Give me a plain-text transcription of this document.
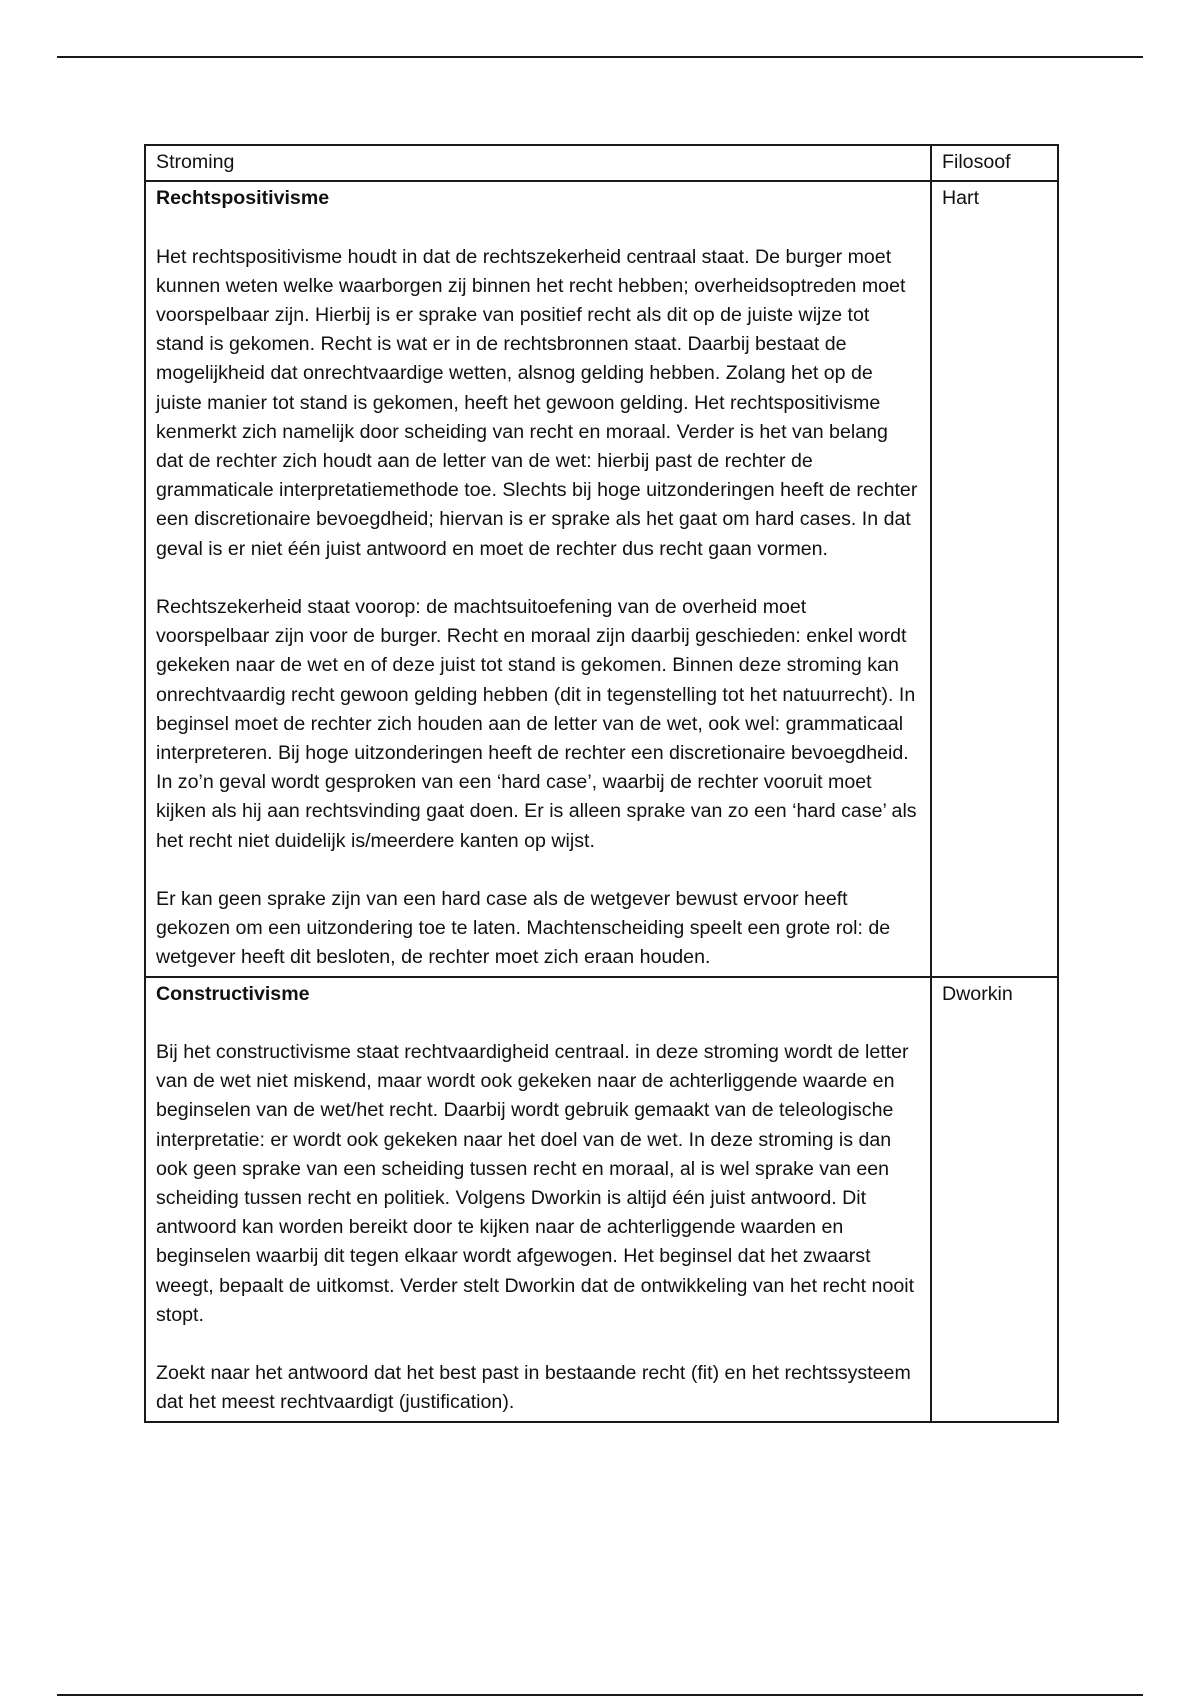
Stroming	Filosoof

Rechtspositivisme
Het rechtspositivisme houdt in dat de rechtszekerheid centraal staat. De burger moet kunnen weten welke waarborgen zij binnen het recht hebben; overheidsoptreden moet voorspelbaar zijn. Hierbij is er sprake van positief recht als dit op de juiste wijze tot stand is gekomen. Recht is wat er in de rechtsbronnen staat. Daarbij bestaat de mogelijkheid dat onrechtvaardige wetten, alsnog gelding hebben. Zolang het op de juiste manier tot stand is gekomen, heeft het gewoon gelding. Het rechtspositivisme kenmerkt zich namelijk door scheiding van recht en moraal. Verder is het van belang dat de rechter zich houdt aan de letter van de wet: hierbij past de rechter de grammaticale interpretatiemethode toe. Slechts bij hoge uitzonderingen heeft de rechter een discretionaire bevoegdheid; hiervan is er sprake als het gaat om hard cases. In dat geval is er niet één juist antwoord en moet de rechter dus recht gaan vormen.
Rechtszekerheid staat voorop: de machtsuitoefening van de overheid moet voorspelbaar zijn voor de burger. Recht en moraal zijn daarbij geschieden: enkel wordt gekeken naar de wet en of deze juist tot stand is gekomen. Binnen deze stroming kan onrechtvaardig recht gewoon gelding hebben (dit in tegenstelling tot het natuurrecht). In beginsel moet de rechter zich houden aan de letter van de wet, ook wel: grammaticaal interpreteren. Bij hoge uitzonderingen heeft de rechter een discretionaire bevoegdheid. In zo’n geval wordt gesproken van een ‘hard case’, waarbij de rechter vooruit moet kijken als hij aan rechtsvinding gaat doen. Er is alleen sprake van zo een ‘hard case’ als het recht niet duidelijk is/meerdere kanten op wijst.
Er kan geen sprake zijn van een hard case als de wetgever bewust ervoor heeft gekozen om een uitzondering toe te laten. Machtenscheiding speelt een grote rol: de wetgever heeft dit besloten, de rechter moet zich eraan houden.	Hart

Constructivisme
Bij het constructivisme staat rechtvaardigheid centraal. in deze stroming wordt de letter van de wet niet miskend, maar wordt ook gekeken naar de achterliggende waarde en beginselen van de wet/het recht. Daarbij wordt gebruik gemaakt van de teleologische interpretatie: er wordt ook gekeken naar het doel van de wet. In deze stroming is dan ook geen sprake van een scheiding tussen recht en moraal, al is wel sprake van een scheiding tussen recht en politiek. Volgens Dworkin is altijd één juist antwoord. Dit antwoord kan worden bereikt door te kijken naar de achterliggende waarden en beginselen waarbij dit tegen elkaar wordt afgewogen. Het beginsel dat het zwaarst weegt, bepaalt de uitkomst. Verder stelt Dworkin dat de ontwikkeling van het recht nooit stopt.
Zoekt naar het antwoord dat het best past in bestaande recht (fit) en het rechtssysteem dat het meest rechtvaardigt (justification).	Dworkin
